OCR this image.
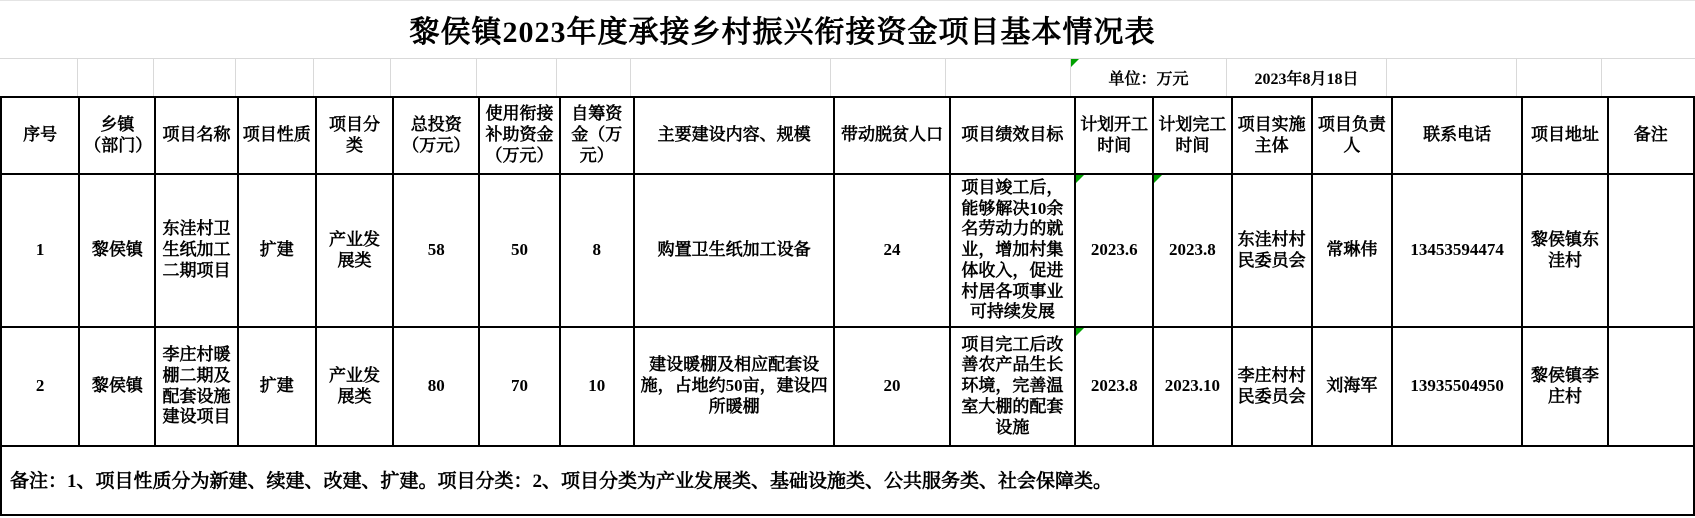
黎侯镇2023年度承接乡村振兴衔接资金项目基本情况表
单位：万元	2023年8月18日
序号	乡镇（部门）	项目名称	项目性质	项目分类	总投资（万元）	使用衔接补助资金（万元）	自筹资金（万元）	主要建设内容、规模	带动脱贫人口	项目绩效目标	计划开工时间	计划完工时间	项目实施主体	项目负责人	联系电话	项目地址	备注
1	黎侯镇	东洼村卫生纸加工二期项目	扩建	产业发展类	58	50	8	购置卫生纸加工设备	24	项目竣工后，能够解决10余名劳动力的就业，增加村集体收入，促进村居各项事业可持续发展	2023.6	2023.8	东洼村村民委员会	常琳伟	13453594474	黎侯镇东洼村	
2	黎侯镇	李庄村暖棚二期及配套设施建设项目	扩建	产业发展类	80	70	10	建设暖棚及相应配套设施，占地约50亩，建设四所暖棚	20	项目完工后改善农产品生长环境，完善温室大棚的配套设施	2023.8	2023.10	李庄村村民委员会	刘海军	13935504950	黎侯镇李庄村	
备注：1、项目性质分为新建、续建、改建、扩建。项目分类：2、项目分类为产业发展类、基础设施类、公共服务类、社会保障类。
